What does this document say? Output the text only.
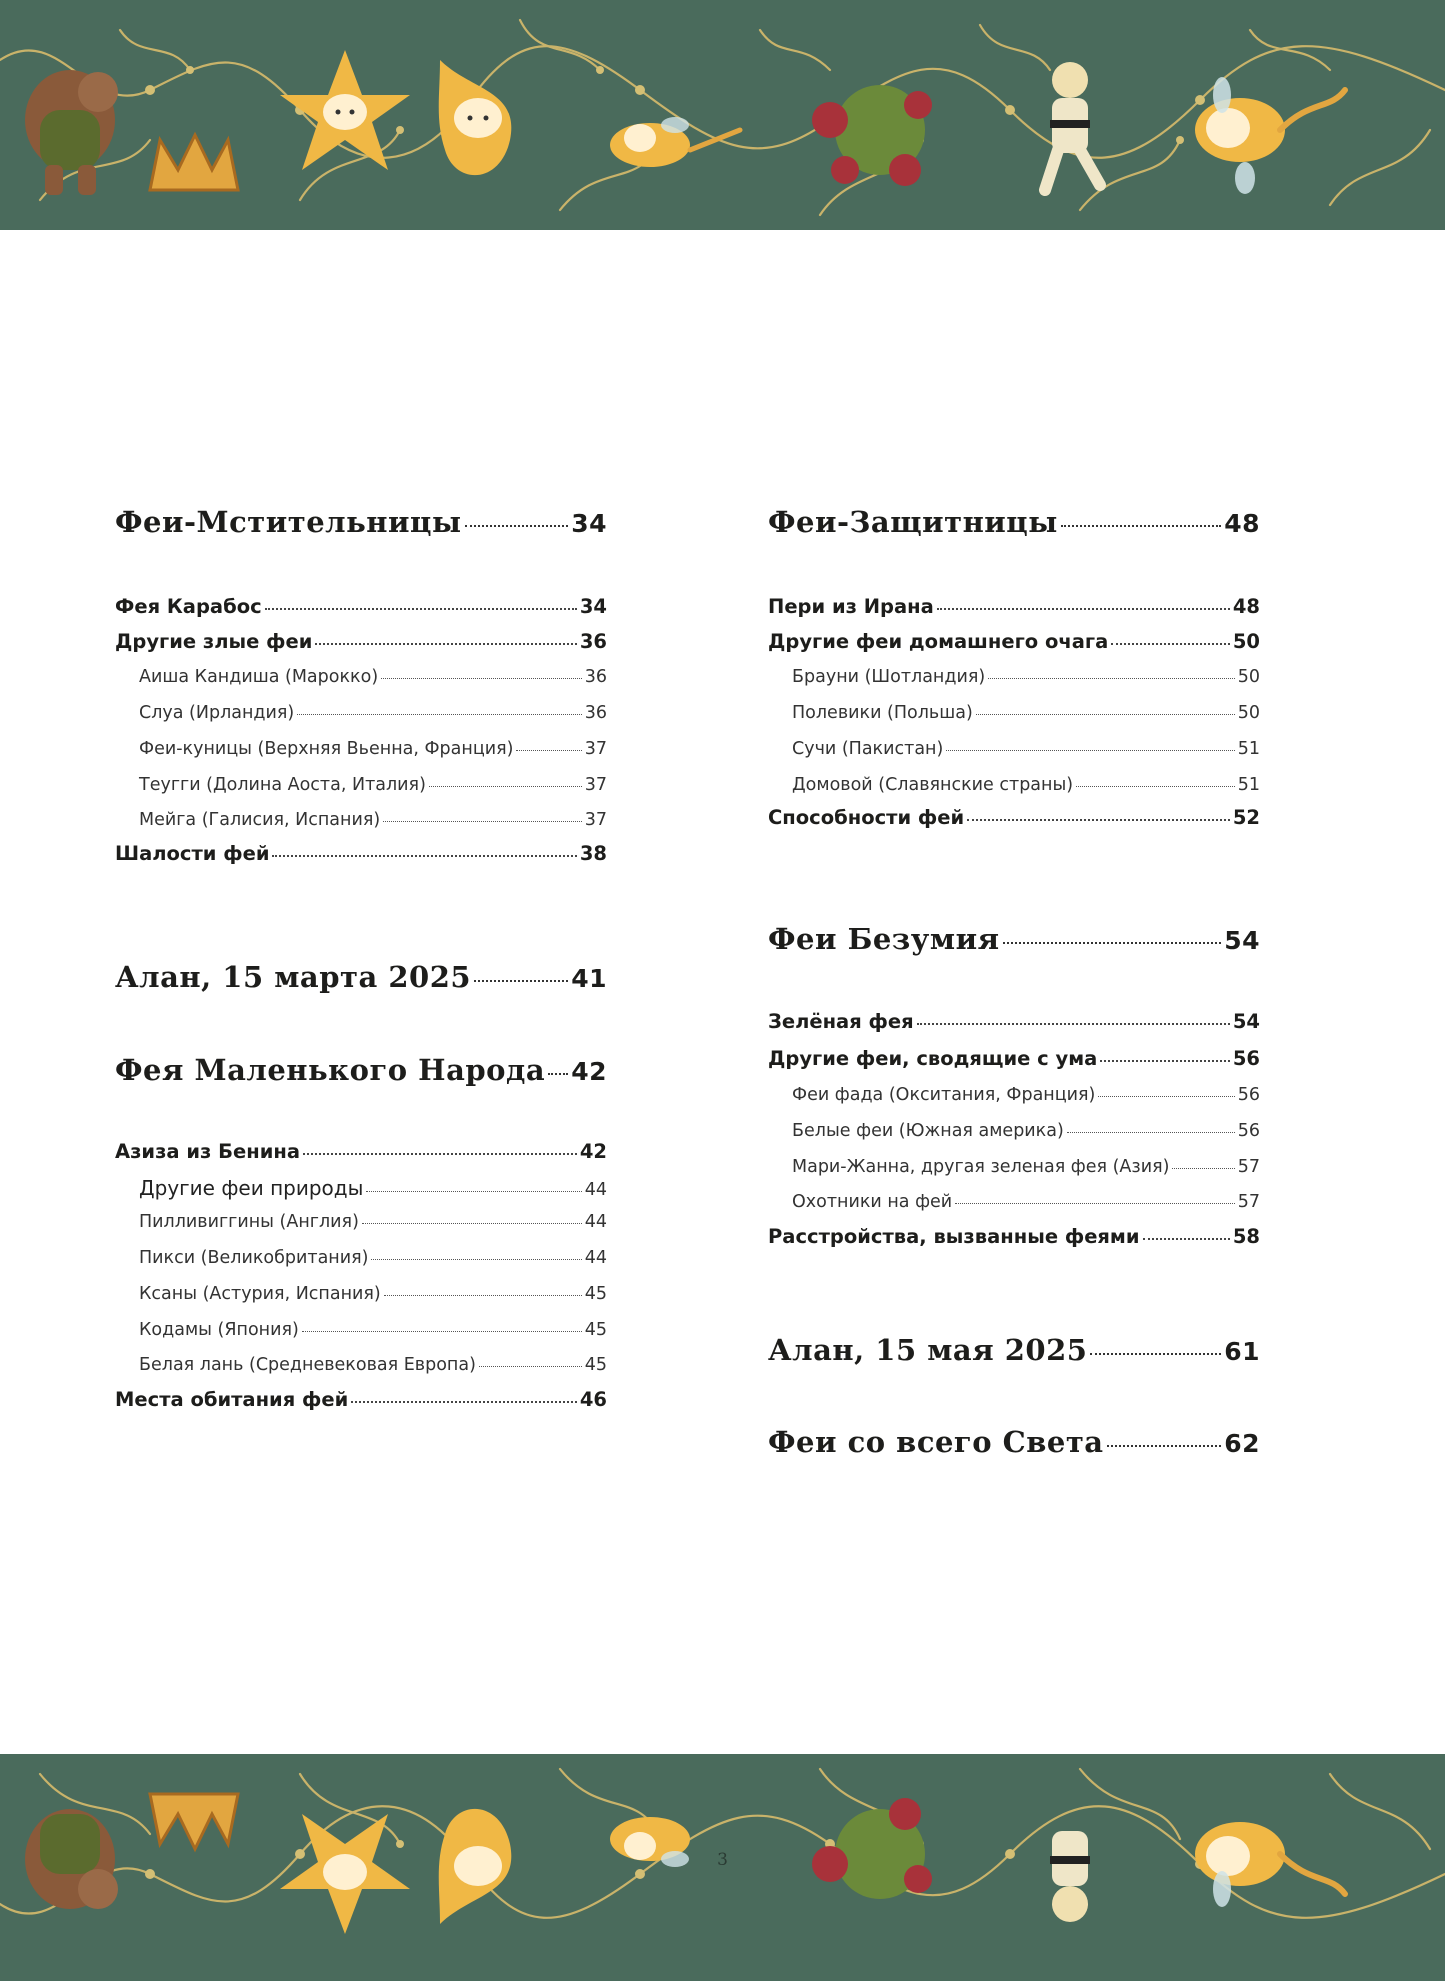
Феи-Мстительницы	34
Фея Карабос	34
Другие злые феи	36
Аиша Кандиша (Марокко)	36
Слуа (Ирландия)	36
Феи-куницы (Верхняя Вьенна, Франция)	37
Теугги (Долина Аоста, Италия)	37
Мейга (Галисия, Испания)	37
Шалости фей	38
Алан, 15 марта 2025	41
Фея Маленького Народа 42
Азиза из Бенина	42
Другие феи природы	44
Пилливиггины (Англия)	44
Пикси (Великобритания)	44
Ксаны (Астурия, Испания)	45
Кодамы (Япония)	45
Белая лань (Средневековая Европа)	45
Места обитания фей	46
Феи-Защитницы	48
Пери из Ирана	48
Другие феи домашнего очага	50
Брауни (Шотландия)	50
Полевики (Польша)	50
Сучи (Пакистан)	51
Домовой (Славянские страны)	51
Способности фей	52
Феи Безумия	54
Зелёная фея	54
Другие феи, сводящие с ума	56
Феи фада (Окситания, Франция)	56
Белые феи (Южная америка)	56
Мари-Жанна, другая зеленая фея (Азия)	57
Охотники на фей	57
Расстройства, вызванные феями	58
Алан, 15 мая 2025	61
Феи со всего Света	62
3
